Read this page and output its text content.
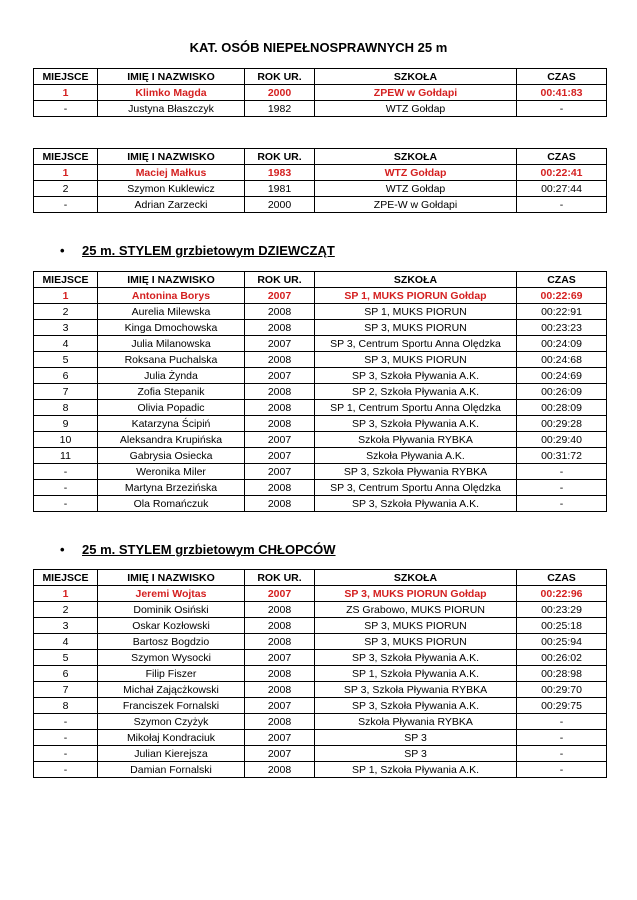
KAT. OSÓB NIEPEŁNOSPRAWNYCH 25 m
MIEJSCE	IMIĘ I NAZWISKO	ROK UR.	SZKOŁA	CZAS
1	Klimko Magda	2000	ZPEW w Gołdapi	00:41:83
-	Justyna Błaszczyk	1982	WTZ Gołdap	-
MIEJSCE	IMIĘ I NAZWISKO	ROK UR.	SZKOŁA	CZAS
1	Maciej Małkus	1983	WTZ Gołdap	00:22:41
2	Szymon Kuklewicz	1981	WTZ Gołdap	00:27:44
-	Adrian Zarzecki	2000	ZPE-W w Gołdapi	-
• 25 m. STYLEM grzbietowym DZIEWCZĄT
MIEJSCE	IMIĘ I NAZWISKO	ROK UR.	SZKOŁA	CZAS
1	Antonina Borys	2007	SP 1, MUKS PIORUN Gołdap	00:22:69
2	Aurelia Milewska	2008	SP 1, MUKS PIORUN	00:22:91
3	Kinga Dmochowska	2008	SP 3, MUKS PIORUN	00:23:23
4	Julia Milanowska	2007	SP 3, Centrum Sportu Anna Olędzka	00:24:09
5	Roksana Puchalska	2008	SP 3, MUKS PIORUN	00:24:68
6	Julia Żynda	2007	SP 3, Szkoła Pływania A.K.	00:24:69
7	Zofia Stepanik	2008	SP 2, Szkoła Pływania A.K.	00:26:09
8	Olivia Popadic	2008	SP 1, Centrum Sportu Anna Olędzka	00:28:09
9	Katarzyna Ścipiń	2008	SP 3, Szkoła Pływania A.K.	00:29:28
10	Aleksandra Krupińska	2007	Szkoła Pływania RYBKA	00:29:40
11	Gabrysia Osiecka	2007	Szkoła Pływania A.K.	00:31:72
-	Weronika Miler	2007	SP 3, Szkoła Pływania RYBKA	-
-	Martyna Brzezińska	2008	SP 3, Centrum Sportu Anna Olędzka	-
-	Ola Romańczuk	2008	SP 3, Szkoła Pływania A.K.	-
• 25 m. STYLEM grzbietowym CHŁOPCÓW
MIEJSCE	IMIĘ I NAZWISKO	ROK UR.	SZKOŁA	CZAS
1	Jeremi Wojtas	2007	SP 3, MUKS PIORUN Gołdap	00:22:96
2	Dominik Osiński	2008	ZS Grabowo, MUKS PIORUN	00:23:29
3	Oskar Kozłowski	2008	SP 3, MUKS PIORUN	00:25:18
4	Bartosz Bogdzio	2008	SP 3, MUKS PIORUN	00:25:94
5	Szymon Wysocki	2007	SP 3, Szkoła Pływania A.K.	00:26:02
6	Filip Fiszer	2008	SP 1, Szkoła Pływania A.K.	00:28:98
7	Michał Zającżkowski	2008	SP 3, Szkoła Pływania RYBKA	00:29:70
8	Franciszek Fornalski	2007	SP 3, Szkoła Pływania A.K.	00:29:75
-	Szymon Czyżyk	2008	Szkoła Pływania RYBKA	-
-	Mikołaj Kondraciuk	2007	SP 3	-
-	Julian Kierejsza	2007	SP 3	-
-	Damian Fornalski	2008	SP 1, Szkoła Pływania A.K.	-
